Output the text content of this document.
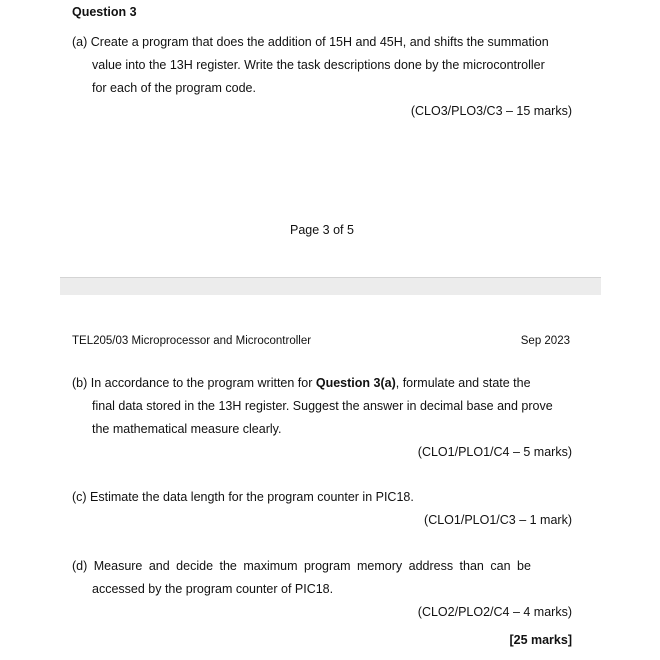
Question 3
(a) Create a program that does the addition of 15H and 45H, and shifts the summation
value into the 13H register. Write the task descriptions done by the microcontroller
for each of the program code.
(CLO3/PLO3/C3 – 15 marks)
Page 3 of 5
TEL205/03 Microprocessor and Microcontroller	Sep 2023
(b) In accordance to the program written for Question 3(a), formulate and state the
final data stored in the 13H register. Suggest the answer in decimal base and prove
the mathematical measure clearly.
(CLO1/PLO1/C4 – 5 marks)
(c) Estimate the data length for the program counter in PIC18.
(CLO1/PLO1/C3 – 1 mark)
(d) Measure and decide the maximum program memory address than can be
accessed by the program counter of PIC18.
(CLO2/PLO2/C4 – 4 marks)
[25 marks]
